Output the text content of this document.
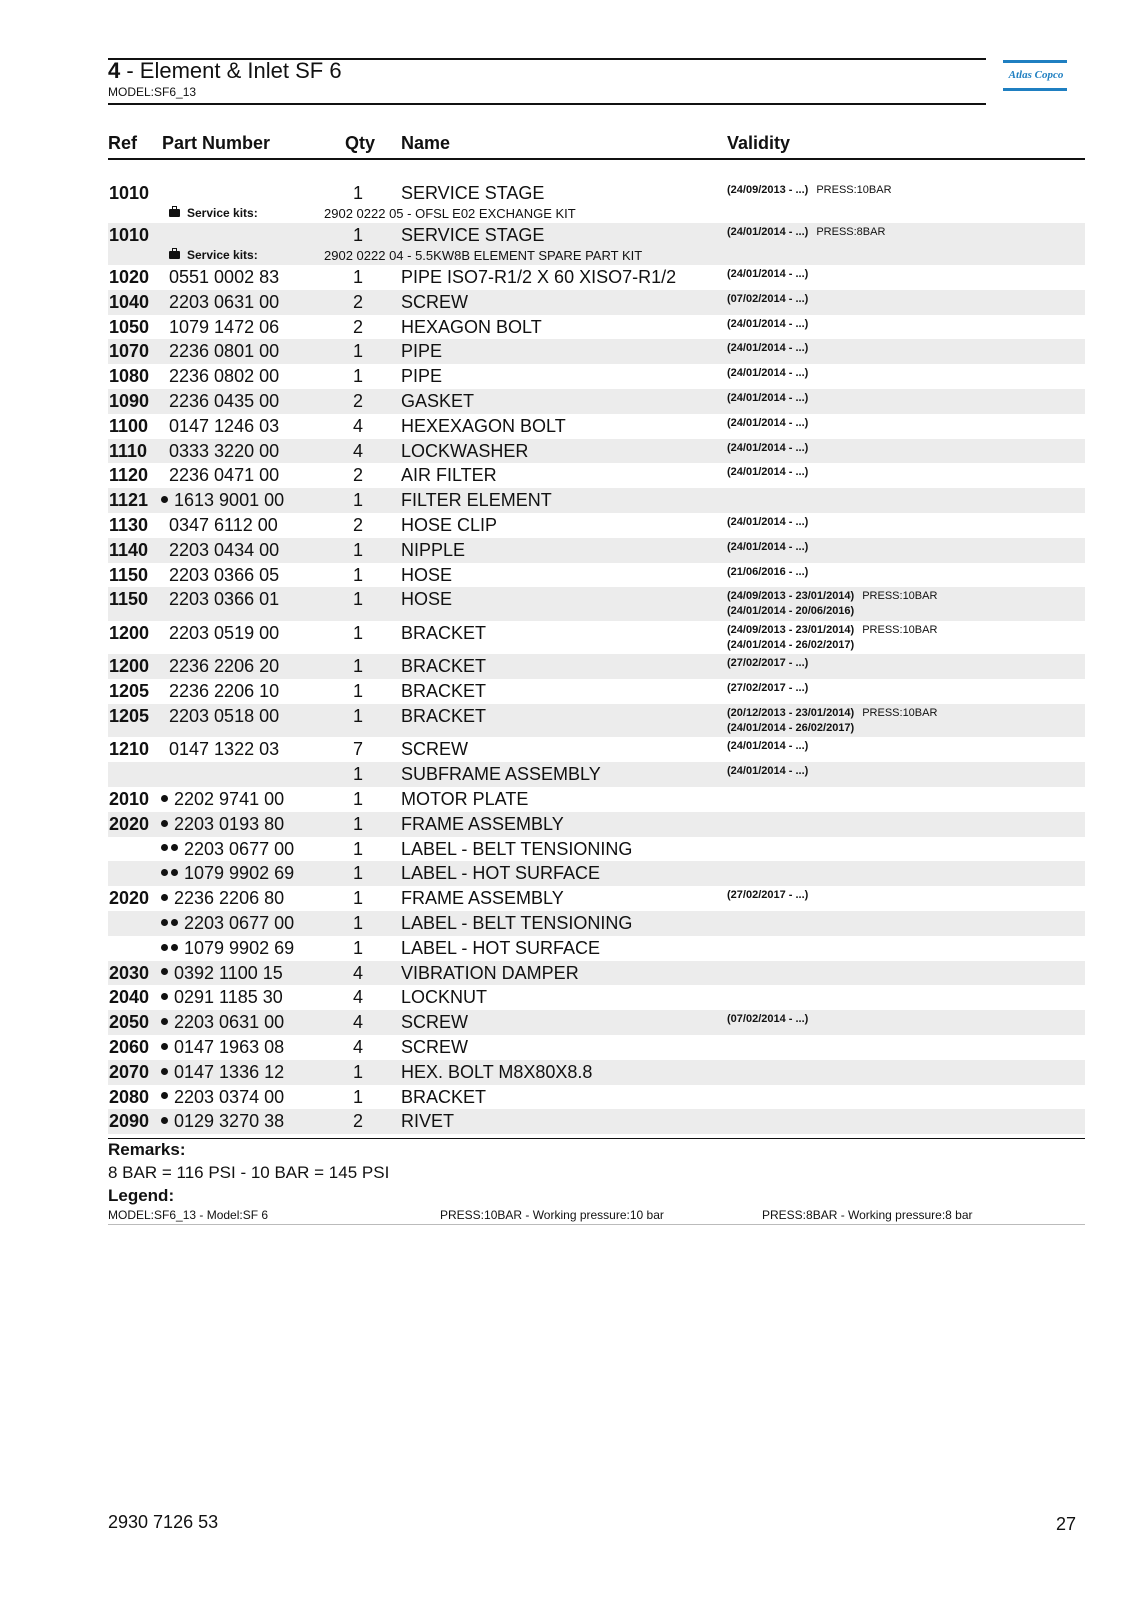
4 - Element & Inlet SF 6
MODEL:SF6_13
Atlas Copco
Ref Part Number	Qty Name	Validity
1010	1 SERVICE STAGE	(24/09/2013 - ...) PRESS:10BAR
Service kits:	2902 0222 05 - OFSL E02 EXCHANGE KIT
1010	1 SERVICE STAGE	(24/01/2014 - ...) PRESS:8BAR
Service kits:	2902 0222 04 - 5.5KW8B ELEMENT SPARE PART KIT
1020 0551 0002 83	1 PIPE ISO7-R1/2 X 60 XISO7-R1/2	(24/01/2014 - ...)
1040 2203 0631 00	2 SCREW	(07/02/2014 - ...)
1050 1079 1472 06	2 HEXAGON BOLT	(24/01/2014 - ...)
1070 2236 0801 00	1 PIPE	(24/01/2014 - ...)
1080 2236 0802 00	1 PIPE	(24/01/2014 - ...)
1090 2236 0435 00	2 GASKET	(24/01/2014 - ...)
1100 0147 1246 03	4 HEXEXAGON BOLT	(24/01/2014 - ...)
1110 0333 3220 00	4 LOCKWASHER	(24/01/2014 - ...)
1120 2236 0471 00	2 AIR FILTER	(24/01/2014 - ...)
1121	1613 9001 00	1 FILTER ELEMENT
1130 0347 6112 00	2 HOSE CLIP	(24/01/2014 - ...)
1140 2203 0434 00	1 NIPPLE	(24/01/2014 - ...)
1150 2203 0366 05	1 HOSE	(21/06/2016 - ...)
1150 2203 0366 01	1 HOSE	(24/09/2013 - 23/01/2014) PRESS:10BAR
(24/01/2014 - 20/06/2016)
1200 2203 0519 00	1 BRACKET	(24/09/2013 - 23/01/2014) PRESS:10BAR
(24/01/2014 - 26/02/2017)
1200 2236 2206 20	1 BRACKET	(27/02/2017 - ...)
1205 2236 2206 10	1 BRACKET	(27/02/2017 - ...)
1205 2203 0518 00	1 BRACKET	(20/12/2013 - 23/01/2014) PRESS:10BAR
(24/01/2014 - 26/02/2017)
1210 0147 1322 03	7 SCREW	(24/01/2014 - ...)
1 SUBFRAME ASSEMBLY	(24/01/2014 - ...)
2010	2202 9741 00	1 MOTOR PLATE
2020	2203 0193 80	1 FRAME ASSEMBLY
2203 0677 00	1 LABEL - BELT TENSIONING
1079 9902 69	1 LABEL - HOT SURFACE
2020	2236 2206 80	1 FRAME ASSEMBLY	(27/02/2017 - ...)
2203 0677 00	1 LABEL - BELT TENSIONING
1079 9902 69	1 LABEL - HOT SURFACE
2030	0392 1100 15	4 VIBRATION DAMPER
2040	0291 1185 30	4 LOCKNUT
2050	2203 0631 00	4 SCREW	(07/02/2014 - ...)
2060	0147 1963 08	4 SCREW
2070	0147 1336 12	1 HEX. BOLT M8X80X8.8
2080	2203 0374 00	1 BRACKET
2090	0129 3270 38	2 RIVET
Remarks:
8 BAR = 116 PSI - 10 BAR = 145 PSI
Legend:
MODEL:SF6_13 - Model:SF 6	PRESS:10BAR - Working pressure:10 bar	PRESS:8BAR - Working pressure:8 bar
2930 7126 53	27
